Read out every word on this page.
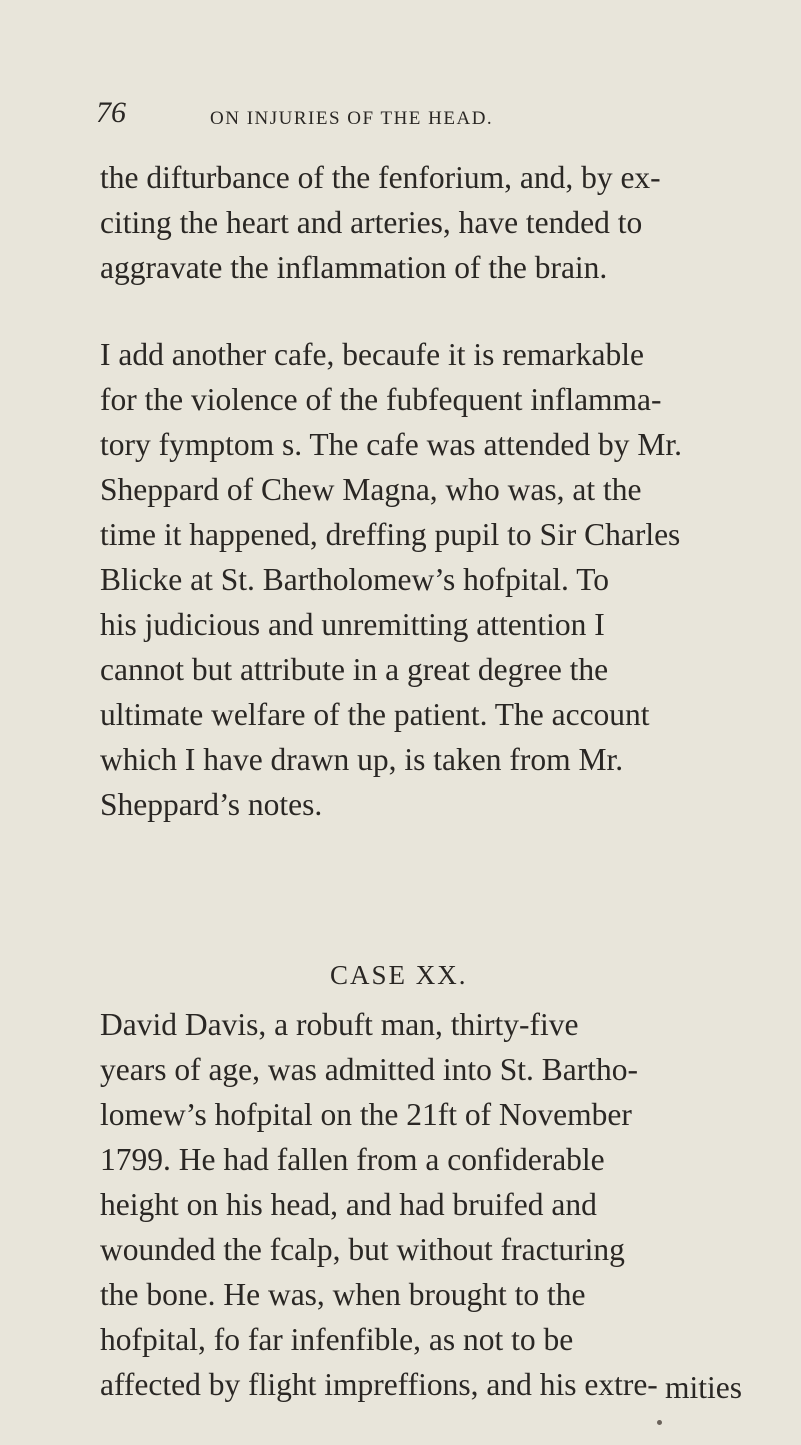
76	ON INJURIES OF THE HEAD.
the difturbance of the fenforium, and, by ex-
citing the heart and arteries, have tended to
aggravate the inflammation of the brain.
I add another cafe, becaufe it is remarkable
for the violence of the fubfequent inflamma-
tory fymptom s. The cafe was attended by Mr.
Sheppard of Chew Magna, who was, at the
time it happened, dreffing pupil to Sir Charles
Blicke at St. Bartholomew’s hofpital. To
his judicious and unremitting attention I
cannot but attribute in a great degree the
ultimate welfare of the patient. The account
which I have drawn up, is taken from Mr.
Sheppard’s notes.
CASE XX.
David Davis, a robuft man, thirty-five
years of age, was admitted into St. Bartho-
lomew’s hofpital on the 21ft of November
1799. He had fallen from a confiderable
height on his head, and had bruifed and
wounded the fcalp, but without fracturing
the bone. He was, when brought to the
hofpital, fo far infenfible, as not to be
affected by flight impreffions, and his extre- mities
